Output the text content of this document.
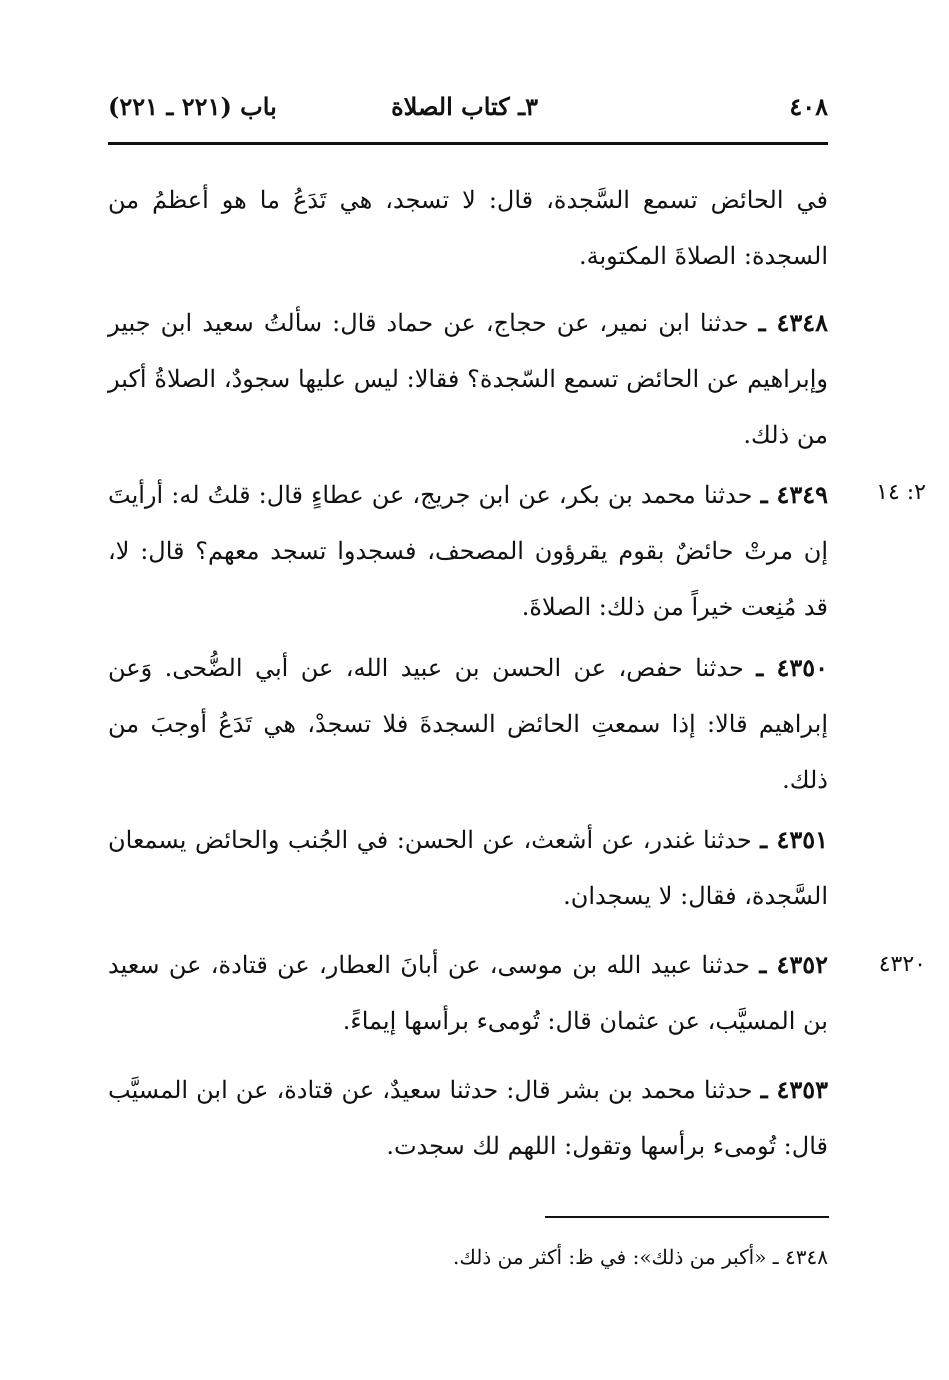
٤٠٨
٣ـ كتاب الصلاة
باب (٢٢١ ـ ٢٢١)

في الحائض تسمع السَّجدة، قال: لا تسجد، هي تَدَعُ ما هو أعظمُ من السجدة: الصلاةَ المكتوبة.

٤٣٤٨ ـ حدثنا ابن نمير، عن حجاج، عن حماد قال: سألتُ سعيد ابن جبير وإبراهيم عن الحائض تسمع السّجدة؟ فقالا: ليس عليها سجودٌ، الصلاةُ أكبر من ذلك.

٤٣٤٩ ـ حدثنا محمد بن بكر، عن ابن جريج، عن عطاءٍ قال: قلتُ له: أرأيتَ إن مرتْ حائضٌ بقوم يقرؤون المصحف، فسجدوا تسجد معهم؟ قال: لا، قد مُنِعت خيراً من ذلك: الصلاةَ.

٢: ١٤

٤٣٥٠ ـ حدثنا حفص، عن الحسن بن عبيد الله، عن أبي الضُّحى. وَعن إبراهيم قالا: إذا سمعتِ الحائض السجدةَ فلا تسجدْ، هي تَدَعُ أوجبَ من ذلك.

٤٣٥١ ـ حدثنا غندر، عن أشعث، عن الحسن: في الجُنب والحائض يسمعان السَّجدة، فقال: لا يسجدان.

٤٣٥٢ ـ حدثنا عبيد الله بن موسى، عن أبانَ العطار، عن قتادة، عن سعيد بن المسيَّب، عن عثمان قال: تُومىء برأسها إيماءً.

٤٣٢٠

٤٣٥٣ ـ حدثنا محمد بن بشر قال: حدثنا سعيدٌ، عن قتادة، عن ابن المسيَّب قال: تُومىء برأسها وتقول: اللهم لك سجدت.

٤٣٤٨ ـ «أكبر من ذلك»: في ظ: أكثر من ذلك.
